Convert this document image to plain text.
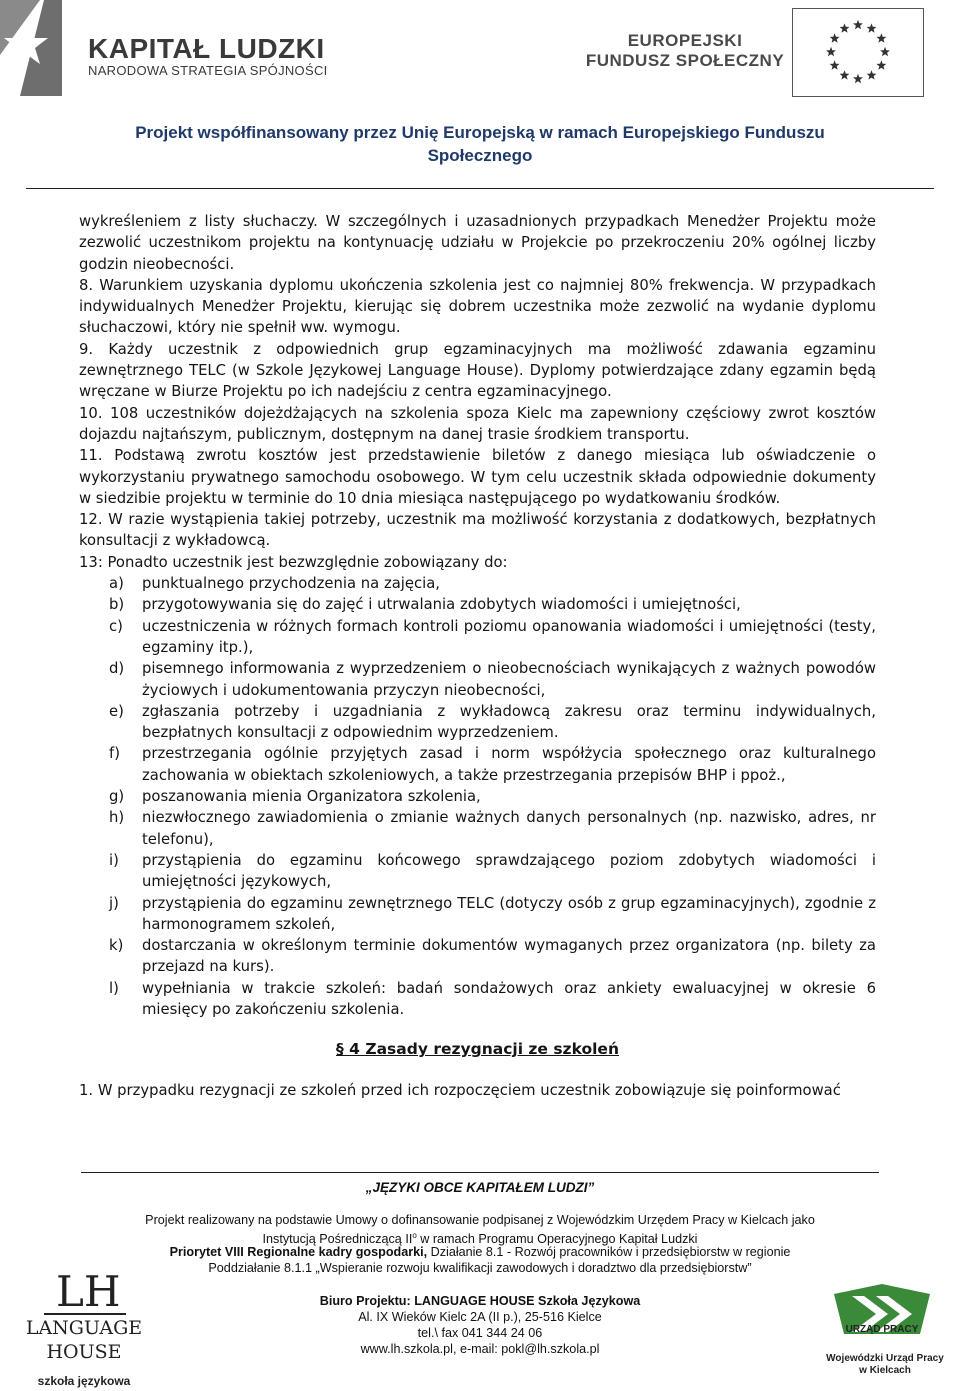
KAPITAŁ LUDZKI
NARODOWA STRATEGIA SPÓJNOŚCI
EUROPEJSKI
FUNDUSZ SPOŁECZNY
Projekt współfinansowany przez Unię Europejską w ramach Europejskiego Funduszu
Społecznego

wykreśleniem z listy słuchaczy. W szczególnych i uzasadnionych przypadkach Menedżer Projektu może zezwolić uczestnikom projektu na kontynuację udziału w Projekcie po przekroczeniu 20% ogólnej liczby godzin nieobecności.

8. Warunkiem uzyskania dyplomu ukończenia szkolenia jest co najmniej 80% frekwencja. W przypadkach indywidualnych Menedżer Projektu, kierując się dobrem uczestnika może zezwolić na wydanie dyplomu słuchaczowi, który nie spełnił ww. wymogu.

9. Każdy uczestnik z odpowiednich grup egzaminacyjnych ma możliwość zdawania egzaminu zewnętrznego TELC (w Szkole Językowej Language House). Dyplomy potwierdzające zdany egzamin będą wręczane w Biurze Projektu po ich nadejściu z centra egzaminacyjnego.

10. 108 uczestników dojeżdżających na szkolenia spoza Kielc ma zapewniony częściowy zwrot kosztów dojazdu najtańszym, publicznym, dostępnym na danej trasie środkiem transportu.

11. Podstawą zwrotu kosztów jest przedstawienie biletów z danego miesiąca lub oświadczenie o wykorzystaniu prywatnego samochodu osobowego. W tym celu uczestnik składa odpowiednie dokumenty w siedzibie projektu w terminie do 10 dnia miesiąca następującego po wydatkowaniu środków.

12. W razie wystąpienia takiej potrzeby, uczestnik ma możliwość korzystania z dodatkowych, bezpłatnych konsultacji z wykładowcą.

13: Ponadto uczestnik jest bezwzględnie zobowiązany do:

a) punktualnego przychodzenia na zajęcia,
b) przygotowywania się do zajęć i utrwalania zdobytych wiadomości i umiejętności,
c) uczestniczenia w różnych formach kontroli poziomu opanowania wiadomości i umiejętności (testy, egzaminy itp.),
d) pisemnego informowania z wyprzedzeniem o nieobecnościach wynikających z ważnych powodów życiowych i udokumentowania przyczyn nieobecności,
e) zgłaszania potrzeby i uzgadniania z wykładowcą zakresu oraz terminu indywidualnych, bezpłatnych konsultacji z odpowiednim wyprzedzeniem.
f) przestrzegania ogólnie przyjętych zasad i norm współżycia społecznego oraz kulturalnego zachowania w obiektach szkoleniowych, a także przestrzegania przepisów BHP i ppoż.,
g) poszanowania mienia Organizatora szkolenia,
h) niezwłocznego zawiadomienia o zmianie ważnych danych personalnych (np. nazwisko, adres, nr telefonu),
i) przystąpienia do egzaminu końcowego sprawdzającego poziom zdobytych wiadomości i umiejętności językowych,
j) przystąpienia do egzaminu zewnętrznego TELC (dotyczy osób z grup egzaminacyjnych), zgodnie z harmonogramem szkoleń,
k) dostarczania w określonym terminie dokumentów wymaganych przez organizatora (np. bilety za przejazd na kurs).
l) wypełniania w trakcie szkoleń: badań sondażowych oraz ankiety ewaluacyjnej w okresie 6 miesięcy po zakończeniu szkolenia.

§ 4 Zasady rezygnacji ze szkoleń

1. W przypadku rezygnacji ze szkoleń przed ich rozpoczęciem uczestnik zobowiązuje się poinformować

„JĘZYKI OBCE KAPITAŁEM LUDZI”
Projekt realizowany na podstawie Umowy o dofinansowanie podpisanej z Wojewódzkim Urzędem Pracy w Kielcach jako
Instytucją Pośredniczącą $II^o$ w ramach Programu Operacyjnego Kapitał Ludzki
Priorytet VIII Regionalne kadry gospodarki, Działanie 8.1 - Rozwój pracowników i przedsiębiorstw w regionie
Poddziałanie 8.1.1 „Wspieranie rozwoju kwalifikacji zawodowych i doradztwo dla przedsiębiorstw”
Biuro Projektu: LANGUAGE HOUSE Szkoła Językowa
Al. IX Wieków Kielc 2A (II p.), 25-516 Kielce
tel.\ fax 041 344 24 06
www.lh.szkola.pl, e-mail: pokl@lh.szkola.pl
LH
LANGUAGE
HOUSE
szkoła językowa
URZĄD PRACY
Wojewódzki Urząd Pracy
w Kielcach
